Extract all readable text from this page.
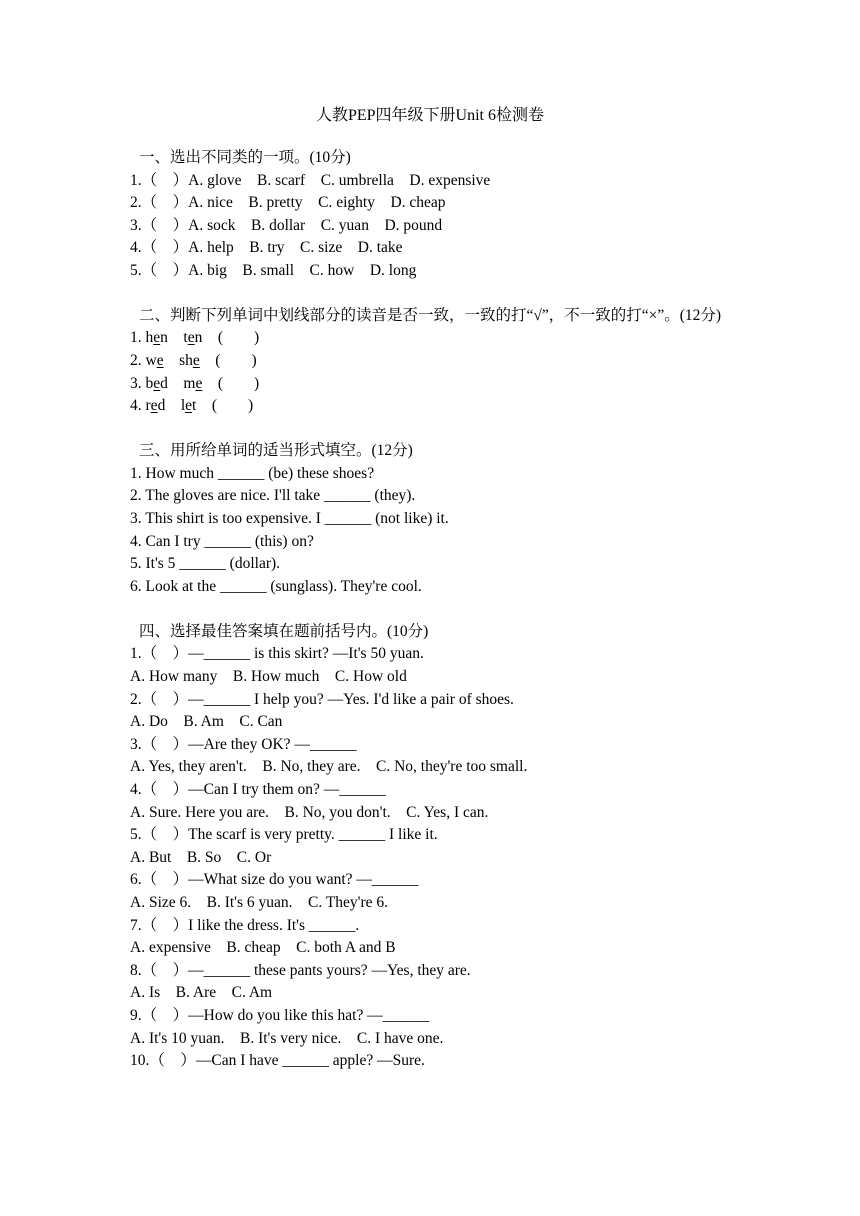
人教PEP四年级下册Unit 6检测卷
一、选出不同类的一项。(10分)
1.（    ）A. glove    B. scarf    C. umbrella    D. expensive
2.（    ）A. nice    B. pretty    C. eighty    D. cheap
3.（    ）A. sock    B. dollar    C. yuan    D. pound
4.（    ）A. help    B. try    C. size    D. take
5.（    ）A. big    B. small    C. how    D. long
二、判断下列单词中划线部分的读音是否一致，一致的打“√”，不一致的打“×”。(12分)
1. hen ten (        )
2. we she (        )
3. bed me (        )
4. red let (        )
三、用所给单词的适当形式填空。(12分)
1. How much ______ (be) these shoes?
2. The gloves are nice. I'll take ______ (they).
3. This shirt is too expensive. I ______ (not like) it.
4. Can I try ______ (this) on?
5. It's 5 ______ (dollar).
6. Look at the ______ (sunglass). They're cool.
四、选择最佳答案填在题前括号内。(10分)
1.（    ）—______ is this skirt? —It's 50 yuan.
A. How many    B. How much    C. How old
2.（    ）—______ I help you? —Yes. I'd like a pair of shoes.
A. Do    B. Am    C. Can
3.（    ）—Are they OK? —______
A. Yes, they aren't.    B. No, they are.    C. No, they're too small.
4.（    ）—Can I try them on? —______
A. Sure. Here you are.    B. No, you don't.    C. Yes, I can.
5.（    ）The scarf is very pretty. ______ I like it.
A. But    B. So    C. Or
6.（    ）—What size do you want? —______
A. Size 6.    B. It's 6 yuan.    C. They're 6.
7.（    ）I like the dress. It's ______.
A. expensive    B. cheap    C. both A and B
8.（    ）—______ these pants yours? —Yes, they are.
A. Is    B. Are    C. Am
9.（    ）—How do you like this hat? —______
A. It's 10 yuan.    B. It's very nice.    C. I have one.
10.（    ）—Can I have ______ apple? —Sure.
